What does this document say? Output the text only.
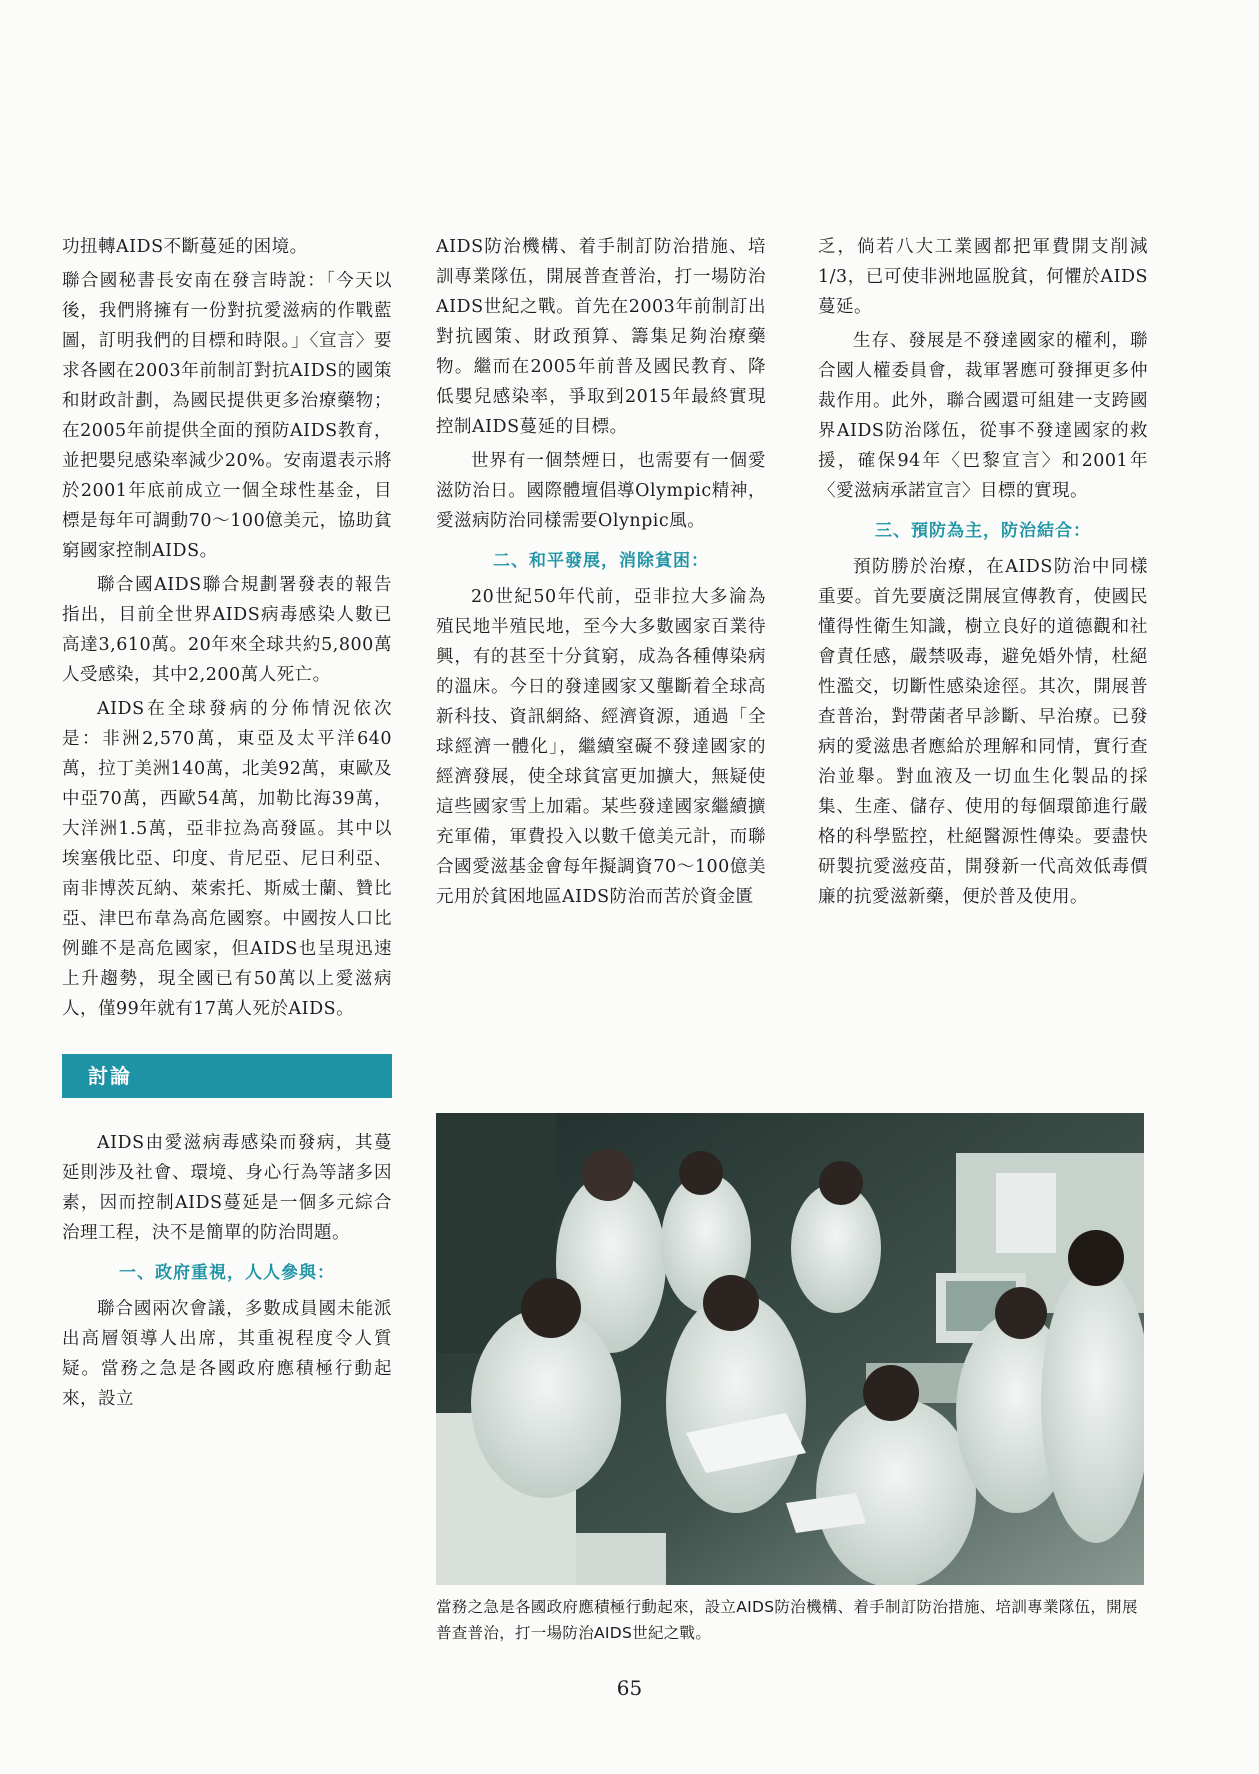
功扭轉AIDS不斷蔓延的困境。

聯合國秘書長安南在發言時說：「今天以後，我們將擁有一份對抗愛滋病的作戰藍圖，訂明我們的目標和時限。」〈宣言〉要求各國在2003年前制訂對抗AIDS的國策和財政計劃，為國民提供更多治療藥物；在2005年前提供全面的預防AIDS教育，並把嬰兒感染率減少20%。安南還表示將於2001年底前成立一個全球性基金，目標是每年可調動70～100億美元，協助貧窮國家控制AIDS。

聯合國AIDS聯合規劃署發表的報告指出，目前全世界AIDS病毒感染人數已高達3,610萬。20年來全球共約5,800萬人受感染，其中2,200萬人死亡。

AIDS在全球發病的分佈情況依次是：非洲2,570萬，東亞及太平洋640萬，拉丁美洲140萬，北美92萬，東歐及中亞70萬，西歐54萬，加勒比海39萬，大洋洲1.5萬，亞非拉為高發區。其中以埃塞俄比亞、印度、肯尼亞、尼日利亞、南非博茨瓦納、萊索托、斯威士蘭、贊比亞、津巴布韋為高危國察。中國按人口比例雖不是高危國家，但AIDS也呈現迅速上升趨勢，現全國已有50萬以上愛滋病人，僅99年就有17萬人死於AIDS。

討論

AIDS由愛滋病毒感染而發病，其蔓延則涉及社會、環境、身心行為等諸多因素，因而控制AIDS蔓延是一個多元綜合治理工程，決不是簡單的防治問題。

一、政府重視，人人參與：

聯合國兩次會議，多數成員國未能派出高層領導人出席，其重視程度令人質疑。當務之急是各國政府應積極行動起來，設立

AIDS防治機構、着手制訂防治措施、培訓專業隊伍，開展普查普治，打一場防治AIDS世紀之戰。首先在2003年前制訂出對抗國策、財政預算、籌集足夠治療藥物。繼而在2005年前普及國民教育、降低嬰兒感染率，爭取到2015年最終實現控制AIDS蔓延的目標。

世界有一個禁煙日，也需要有一個愛滋防治日。國際體壇倡導Olympic精神，愛滋病防治同樣需要Olynpic風。

二、和平發展，消除貧困：

20世紀50年代前，亞非拉大多淪為殖民地半殖民地，至今大多數國家百業待興，有的甚至十分貧窮，成為各種傳染病的溫床。今日的發達國家又壟斷着全球高新科技、資訊網絡、經濟資源，通過「全球經濟一體化」，繼續窒礙不發達國家的經濟發展，使全球貧富更加擴大，無疑使這些國家雪上加霜。某些發達國家繼續擴充軍備，軍費投入以數千億美元計，而聯合國愛滋基金會每年擬調資70～100億美元用於貧困地區AIDS防治而苦於資金匱

乏，倘若八大工業國都把軍費開支削減1/3，已可使非洲地區脫貧，何懼於AIDS蔓延。

生存、發展是不發達國家的權利，聯合國人權委員會，裁軍署應可發揮更多仲裁作用。此外，聯合國還可組建一支跨國界AIDS防治隊伍，從事不發達國家的救援，確保94年〈巴黎宣言〉和2001年〈愛滋病承諾宣言〉目標的實現。

三、預防為主，防治結合：

預防勝於治療，在AIDS防治中同樣重要。首先要廣泛開展宣傳教育，使國民懂得性衛生知識，樹立良好的道德觀和社會責任感，嚴禁吸毒，避免婚外情，杜絕性濫交，切斷性感染途徑。其次，開展普查普治，對帶菌者早診斷、早治療。已發病的愛滋患者應給於理解和同情，實行查治並舉。對血液及一切血生化製品的採集、生產、儲存、使用的每個環節進行嚴格的科學監控，杜絕醫源性傳染。要盡快研製抗愛滋疫苗，開發新一代高效低毒價廉的抗愛滋新藥，便於普及使用。

當務之急是各國政府應積極行動起來，設立AIDS防治機構、着手制訂防治措施、培訓專業隊伍，開展普查普治，打一場防治AIDS世紀之戰。
65
